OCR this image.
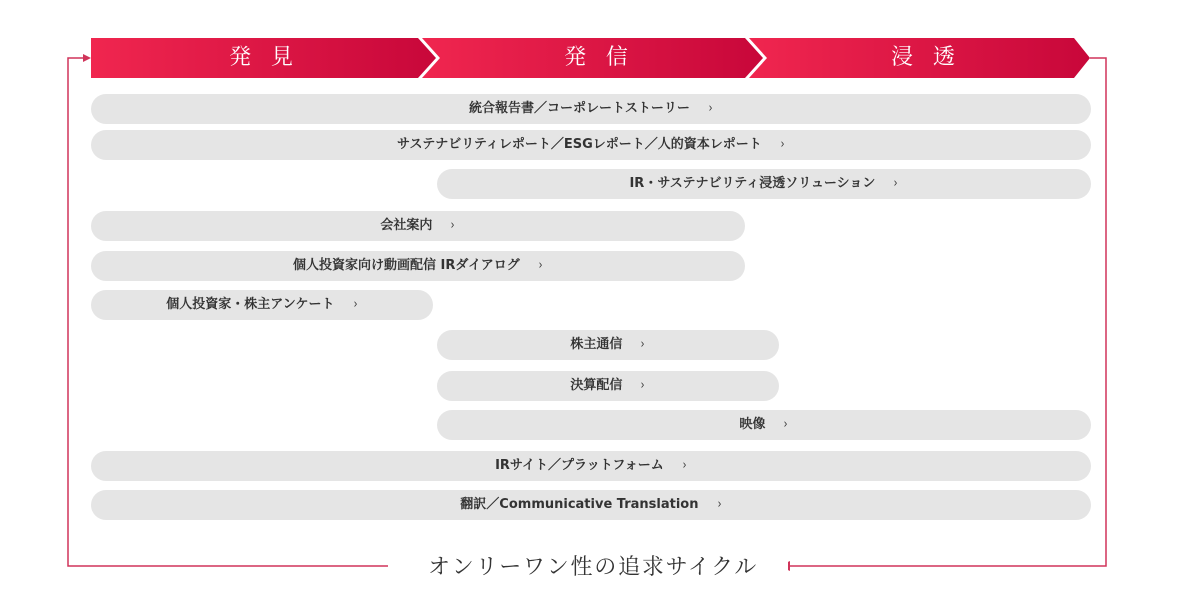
発見	発信	浸透
統合報告書／コーポレートストーリー ›
サステナビリティレポート／ESGレポート／人的資本レポート ›
IR・サステナビリティ浸透ソリューション ›
会社案内 ›
個人投資家向け動画配信 IRダイアログ ›
個人投資家・株主アンケート ›
株主通信 ›
決算配信 ›
映像 ›
IRサイト／プラットフォーム ›
翻訳／Communicative Translation ›
オンリーワン性の追求サイクル
